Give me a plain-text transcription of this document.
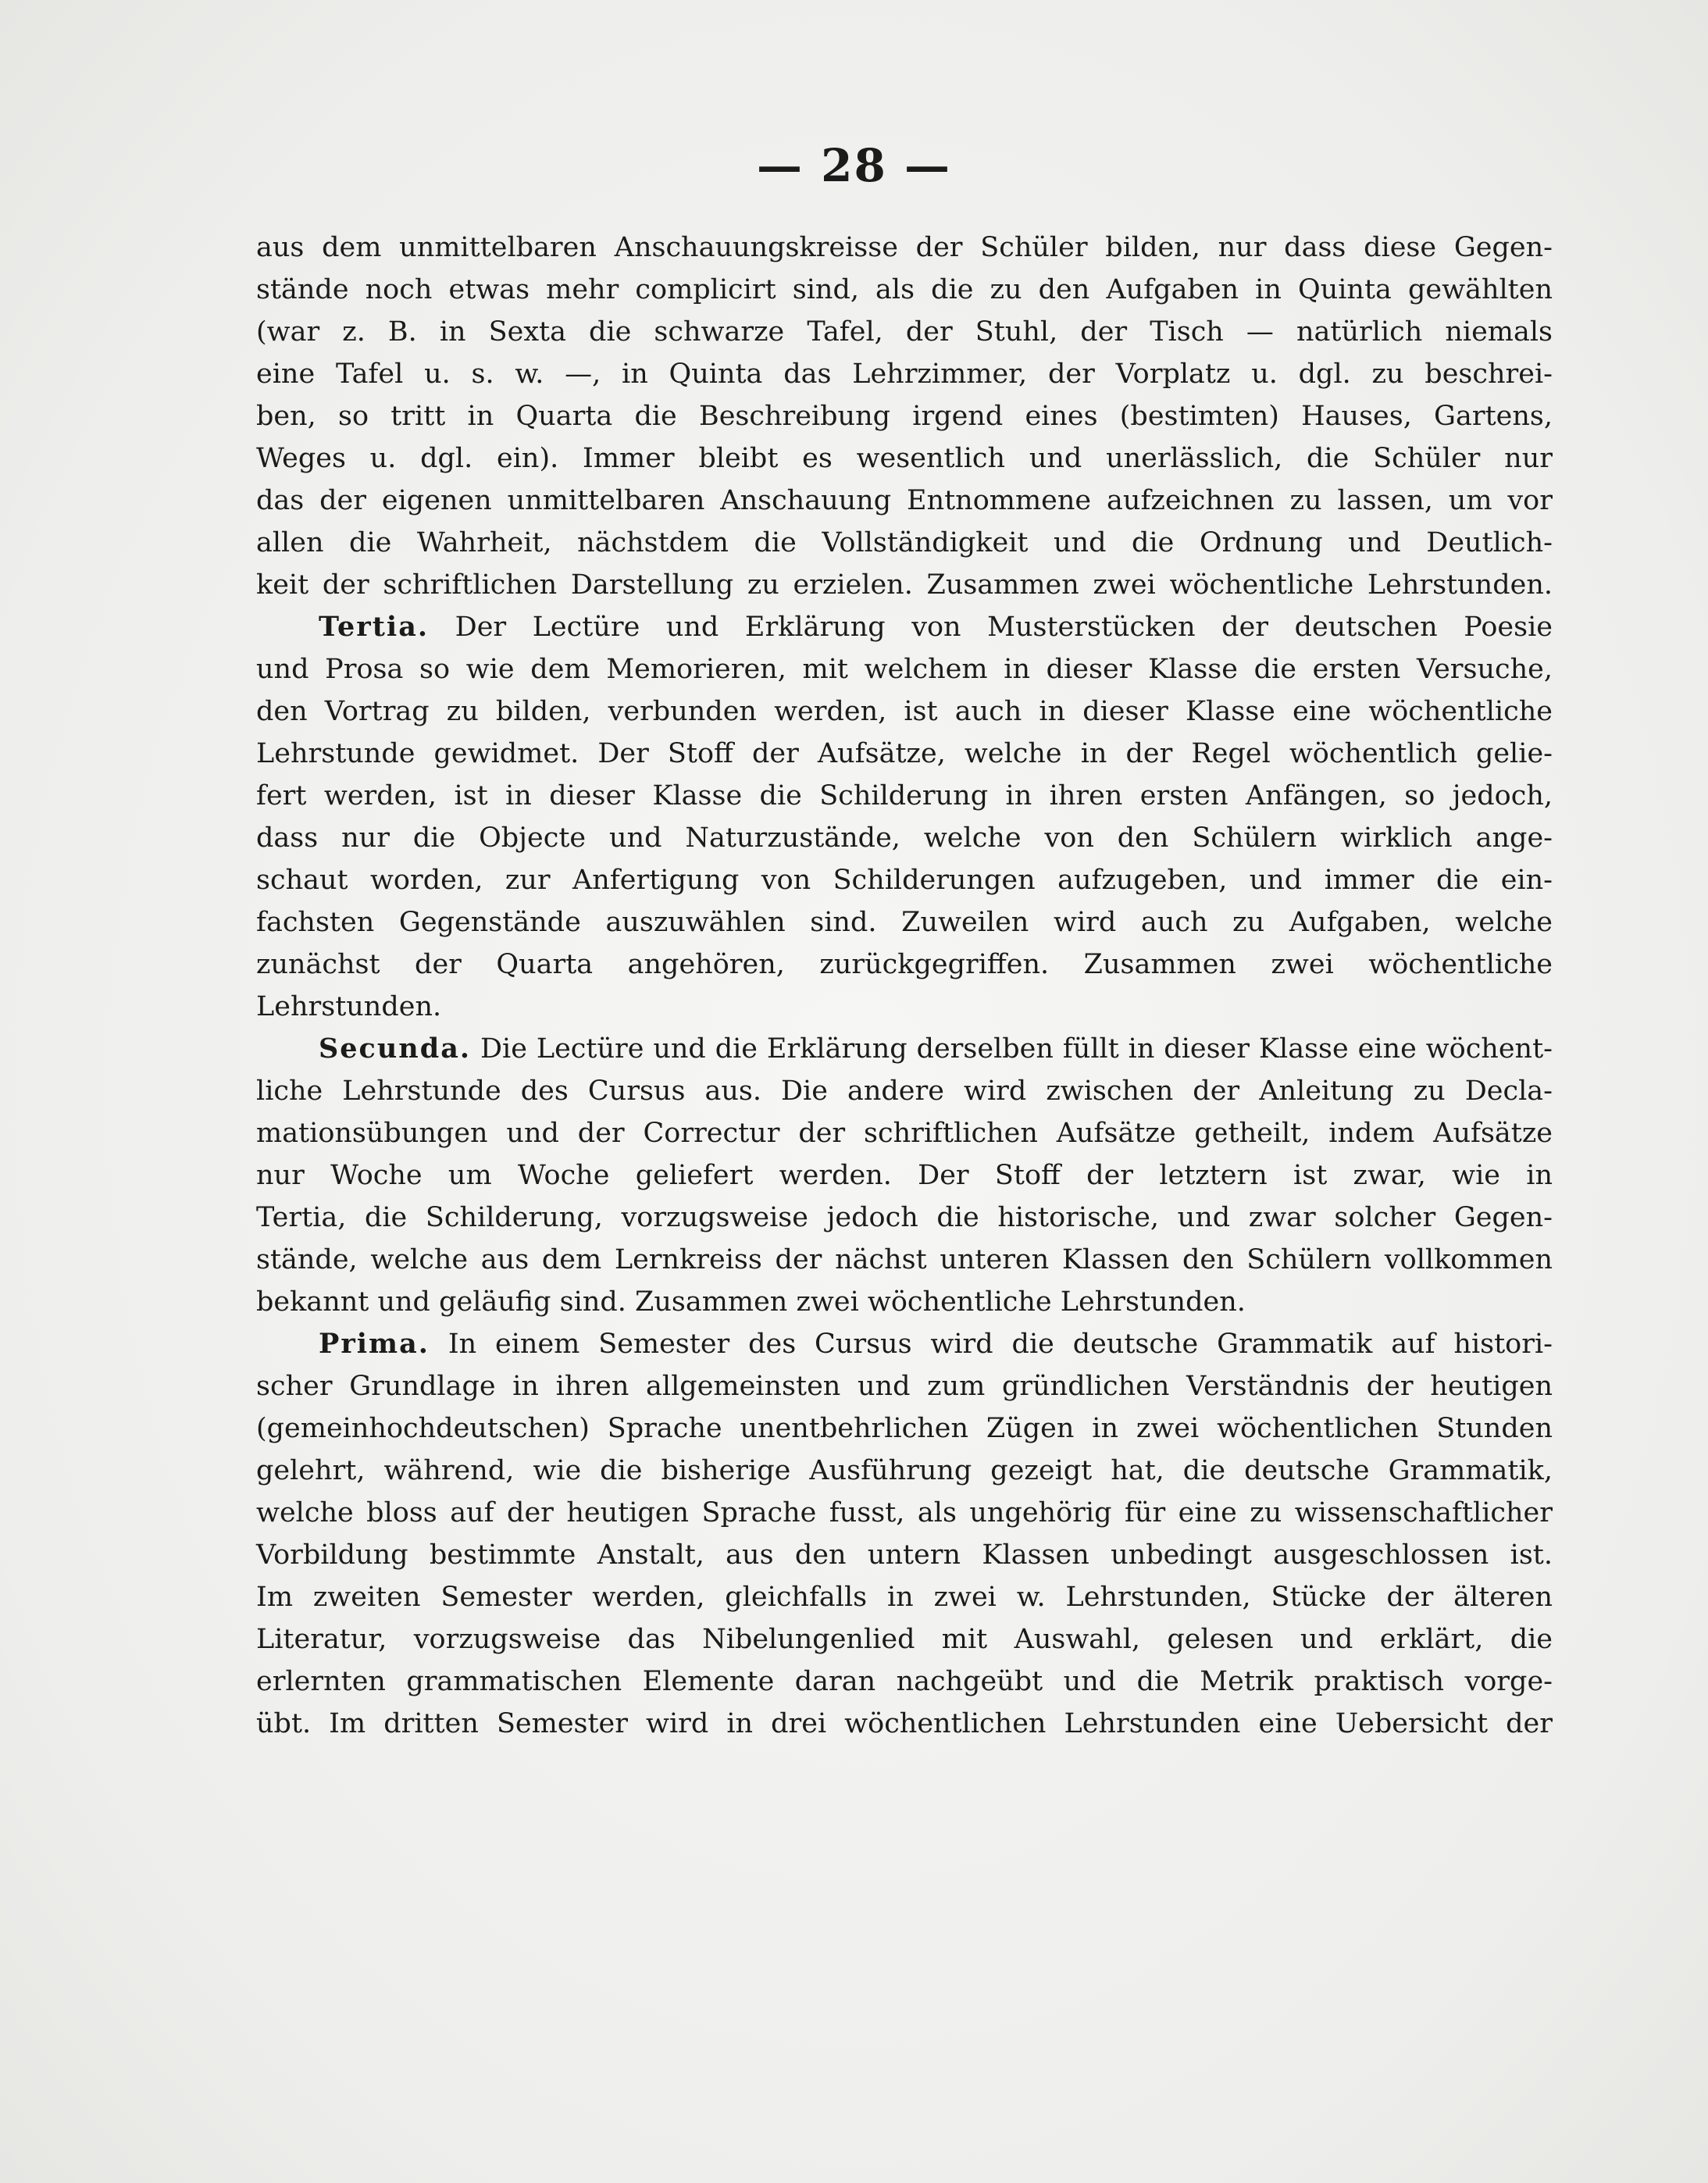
— 28 —
aus dem unmittelbaren Anschauungskreisse der Schüler bilden, nur dass diese Gegen-
stände noch etwas mehr complicirt sind, als die zu den Aufgaben in Quinta gewählten
(war z. B. in Sexta die schwarze Tafel, der Stuhl, der Tisch — natürlich niemals
eine Tafel u. s. w. —, in Quinta das Lehrzimmer, der Vorplatz u. dgl. zu beschrei-
ben, so tritt in Quarta die Beschreibung irgend eines (bestimten) Hauses, Gartens,
Weges u. dgl. ein). Immer bleibt es wesentlich und unerlässlich, die Schüler nur
das der eigenen unmittelbaren Anschauung Entnommene aufzeichnen zu lassen, um vor
allen die Wahrheit, nächstdem die Vollständigkeit und die Ordnung und Deutlich-
keit der schriftlichen Darstellung zu erzielen. Zusammen zwei wöchentliche Lehrstunden.
Tertia. Der Lectüre und Erklärung von Musterstücken der deutschen Poesie
und Prosa so wie dem Memorieren, mit welchem in dieser Klasse die ersten Versuche,
den Vortrag zu bilden, verbunden werden, ist auch in dieser Klasse eine wöchentliche
Lehrstunde gewidmet. Der Stoff der Aufsätze, welche in der Regel wöchentlich gelie-
fert werden, ist in dieser Klasse die Schilderung in ihren ersten Anfängen, so jedoch,
dass nur die Objecte und Naturzustände, welche von den Schülern wirklich ange-
schaut worden, zur Anfertigung von Schilderungen aufzugeben, und immer die ein-
fachsten Gegenstände auszuwählen sind. Zuweilen wird auch zu Aufgaben, welche
zunächst der Quarta angehören, zurückgegriffen. Zusammen zwei wöchentliche
Lehrstunden.
Secunda. Die Lectüre und die Erklärung derselben füllt in dieser Klasse eine wöchent-
liche Lehrstunde des Cursus aus. Die andere wird zwischen der Anleitung zu Decla-
mationsübungen und der Correctur der schriftlichen Aufsätze getheilt, indem Aufsätze
nur Woche um Woche geliefert werden. Der Stoff der letztern ist zwar, wie in
Tertia, die Schilderung, vorzugsweise jedoch die historische, und zwar solcher Gegen-
stände, welche aus dem Lernkreiss der nächst unteren Klassen den Schülern vollkommen
bekannt und geläufig sind. Zusammen zwei wöchentliche Lehrstunden.
Prima. In einem Semester des Cursus wird die deutsche Grammatik auf histori-
scher Grundlage in ihren allgemeinsten und zum gründlichen Verständnis der heutigen
(gemeinhochdeutschen) Sprache unentbehrlichen Zügen in zwei wöchentlichen Stunden
gelehrt, während, wie die bisherige Ausführung gezeigt hat, die deutsche Grammatik,
welche bloss auf der heutigen Sprache fusst, als ungehörig für eine zu wissenschaftlicher
Vorbildung bestimmte Anstalt, aus den untern Klassen unbedingt ausgeschlossen ist.
Im zweiten Semester werden, gleichfalls in zwei w. Lehrstunden, Stücke der älteren
Literatur, vorzugsweise das Nibelungenlied mit Auswahl, gelesen und erklärt, die
erlernten grammatischen Elemente daran nachgeübt und die Metrik praktisch vorge-
übt. Im dritten Semester wird in drei wöchentlichen Lehrstunden eine Uebersicht der
